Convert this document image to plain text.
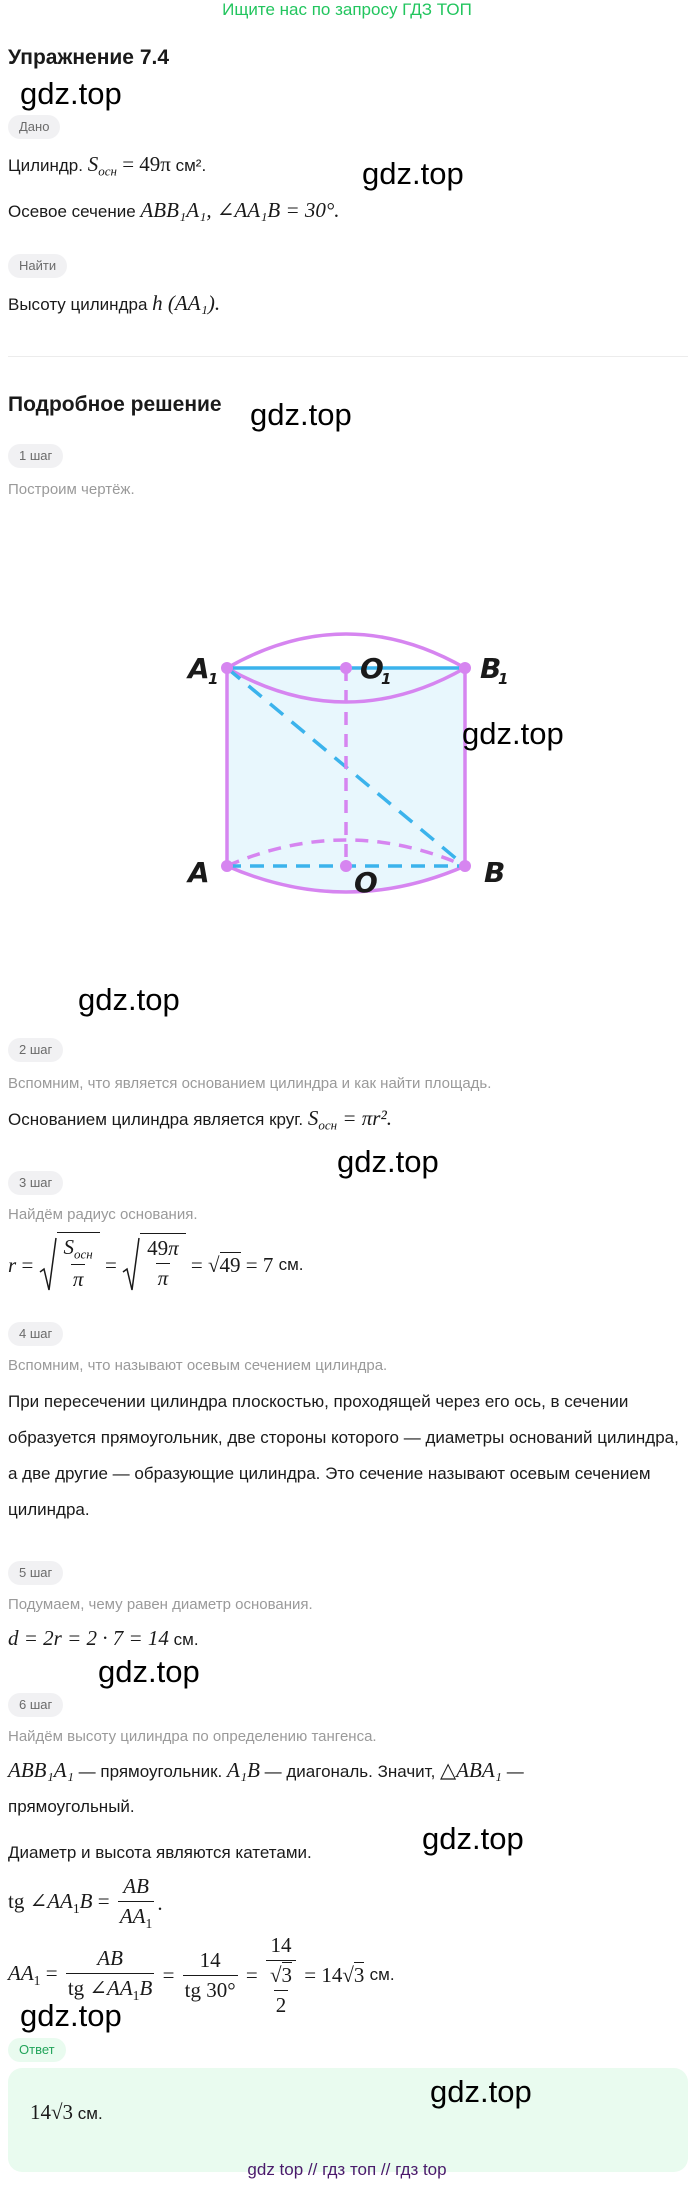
Ищите нас по запросу ГДЗ ТОП
Упражнение 7.4
gdz.top
Дано
Цилиндр. $S_{осн} = 49\pi$ см².	gdz.top
Осевое сечение ABB₁A₁, ∠AA₁B = 30°.
Найти
Высоту цилиндра h (AA₁).
Подробное решение gdz.top
1 шаг
Построим чертёж.
A
1	O
1	B
1
A	O	B
gdz.top
gdz.top
2 шаг
Вспомним, что является основанием цилиндра и как найти площадь.
Основанием цилиндра является круг. $S_{осн} = \pi r^2$.
gdz.top
3 шаг
Найдём радиус основания.
$r = \frac{S_{осн}}{\pi} = \frac{49\pi}{\pi} = √49 = 7$ см.
4 шаг
Вспомним, что называют осевым сечением цилиндра.
При пересечении цилиндра плоскостью, проходящей через его ось, в сечении образуется прямоугольник, две стороны которого — диаметры оснований цилиндра, а две другие — образующие цилиндра. Это сечение называют осевым сечением цилиндра.
5 шаг
Подумаем, чему равен диаметр основания.
d = 2r = 2 · 7 = 14 см.
gdz.top
6 шаг
Найдём высоту цилиндра по определению тангенса.
ABB₁A₁ — прямоугольник. A₁B — диагональ. Значит, △ABA₁ —
прямоугольный.
gdz.top
Диаметр и высота являются катетами.
tg $\angle AA_1B = \frac{AB}{AA_1}$ .
$AA_1 = \frac{AB}{tg \angle AA_1B} = \frac{14}{tg 30^\circ} = \frac{14}{\frac{√3}{2}} = 14√3$ см.
gdz.top
Ответ
14√3 см.
gdz.top
gdz top // гдз топ // гдз top
